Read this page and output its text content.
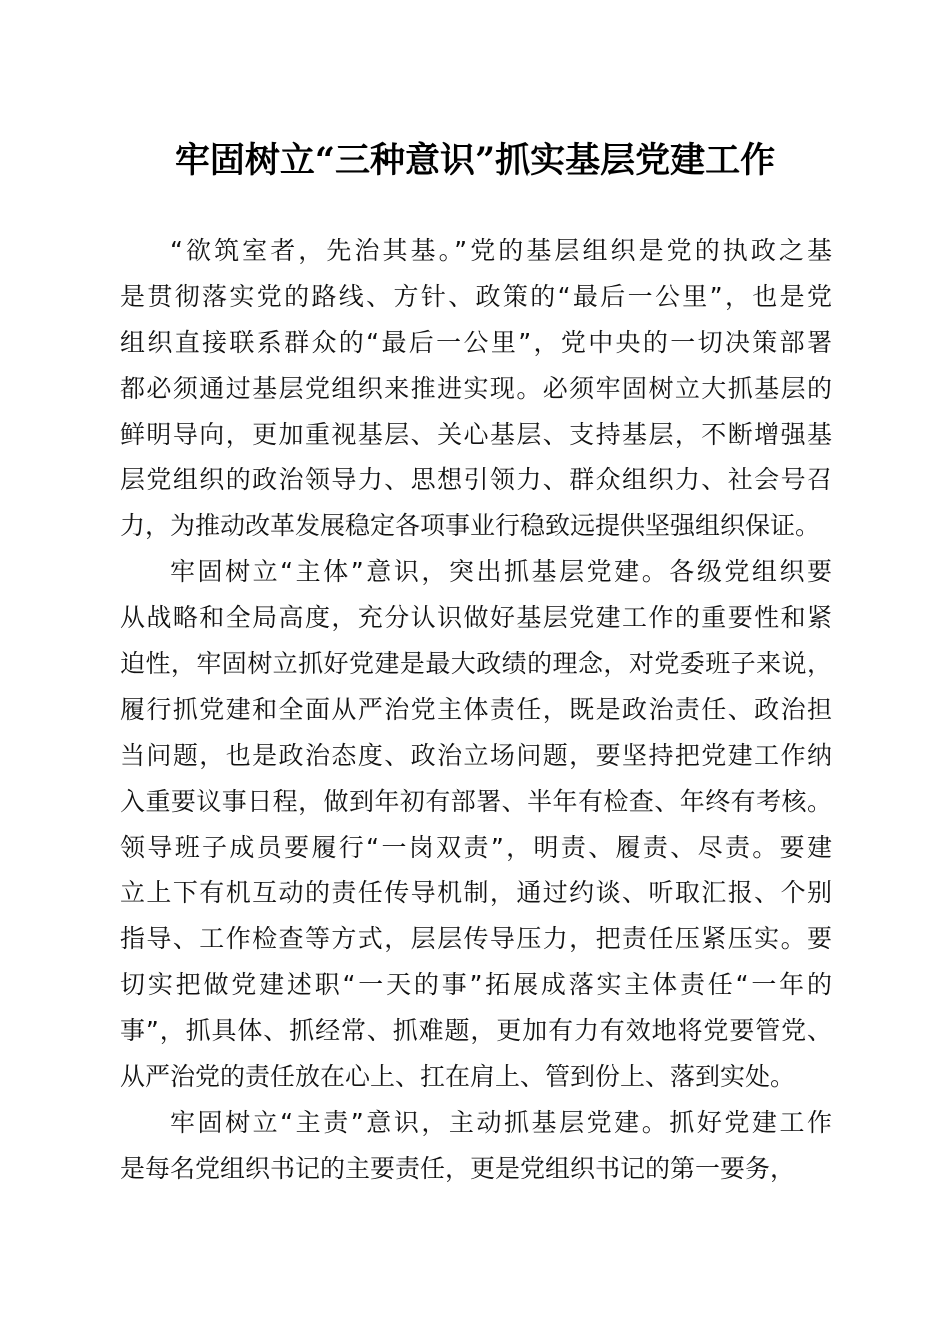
牢固树立“三种意识”抓实基层党建工作
“欲筑室者，先治其基。”党的基层组织是党的执政之基
是贯彻落实党的路线、方针、政策的“最后一公里”，也是党
组织直接联系群众的“最后一公里”，党中央的一切决策部署
都必须通过基层党组织来推进实现。必须牢固树立大抓基层的
鲜明导向，更加重视基层、关心基层、支持基层，不断增强基
层党组织的政治领导力、思想引领力、群众组织力、社会号召
力，为推动改革发展稳定各项事业行稳致远提供坚强组织保证。
牢固树立“主体”意识，突出抓基层党建。各级党组织要
从战略和全局高度，充分认识做好基层党建工作的重要性和紧
迫性，牢固树立抓好党建是最大政绩的理念，对党委班子来说，
履行抓党建和全面从严治党主体责任，既是政治责任、政治担
当问题，也是政治态度、政治立场问题，要坚持把党建工作纳
入重要议事日程，做到年初有部署、半年有检查、年终有考核。
领导班子成员要履行“一岗双责”，明责、履责、尽责。要建
立上下有机互动的责任传导机制，通过约谈、听取汇报、个别
指导、工作检查等方式，层层传导压力，把责任压紧压实。要
切实把做党建述职“一天的事”拓展成落实主体责任“一年的
事”，抓具体、抓经常、抓难题，更加有力有效地将党要管党、
从严治党的责任放在心上、扛在肩上、管到份上、落到实处。
牢固树立“主责”意识，主动抓基层党建。抓好党建工作
是每名党组织书记的主要责任，更是党组织书记的第一要务，
